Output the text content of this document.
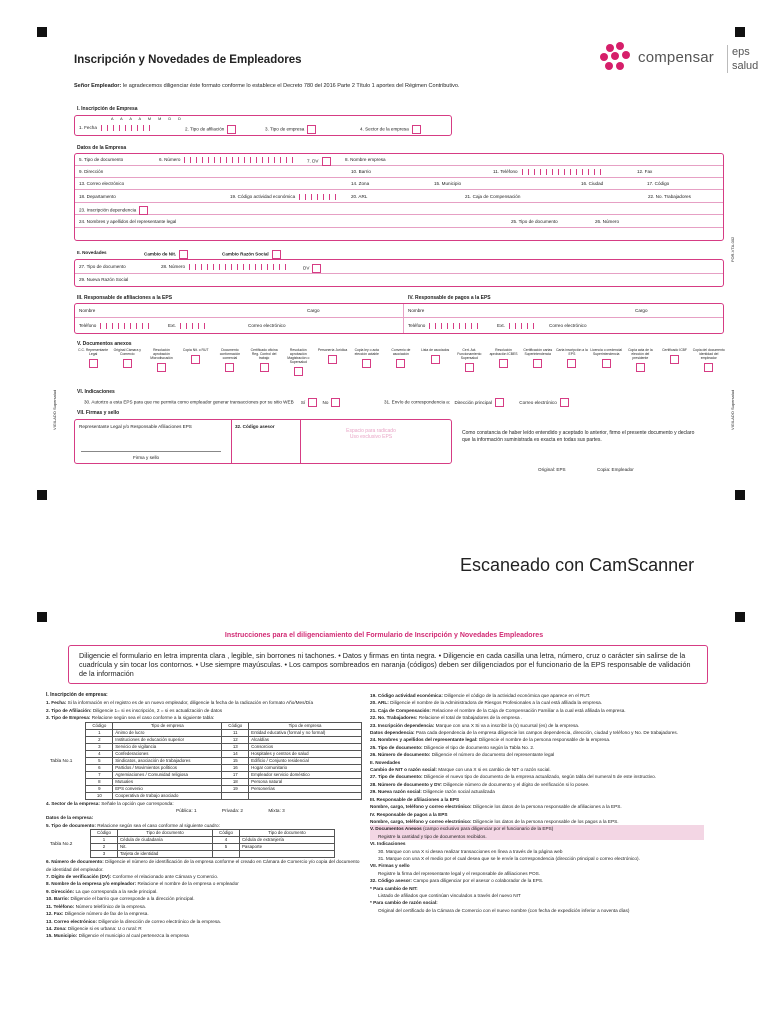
Inscripción y Novedades de Empleadores	compensar eps
salud
Señor Empleador: le agradecemos diligenciar éste formato conforme lo establece el Decreto 780 del 2016 Parte 2 Título 1 aportes del Régimen Contributivo.
I. Inscripción de Empresa
A A A A M M D D
1. Fecha	2. Tipo de afiliación	3. Tipo de empresa	4. Sector de la empresa
Datos de la Empresa
5. Tipo de documento	6. Número	7. DV	8. Nombre empresa
9. Dirección	10. Barrio	11. Teléfono	12. Fax
13. Correo electrónico	14. Zona	15. Municipio	16. Ciudad	17. Código
18. Departamento	19. Código actividad económica	20. ARL	21. Caja de Compensación	22. No. Trabajadores
23. Inscripción dependencia
24. Nombres y apellidos del representante legal	25. Tipo de documento	26. Número
II. Novedades	Cambio de Nit.	Cambio Razón Social
27. Tipo de documento	28. Número	DV
29. Nueva Razón Social
III. Responsable de afiliaciones a la EPS	IV. Responsable de pagos a la EPS
Nombre	Cargo
Teléfono	Ext.	Correo electrónico
Nombre	Cargo
Teléfono	Ext.	Correo electrónico
V. Documentos anexos
C.C. Representante Legal
Original Cámara y Comercio
Resolución aprobación Microdiscusión
Copia Nit. o RUT	Documento conformación comercial
Certificado oficina Reg. Control del trabajo
Resolución aprobación Magistración o Supersalud
Personería Jurídica	Copia ley o acta elección actable
Convenio de asociación
Lista de asociados	Cert. Act. Funcionamiento Supersalud
Resolución aprobación ICBES
Certificación cartas Superintendencia
Carta inscripción a la EPS
Licencia o credencial Superintendencia
Copia acta de la elección del presidente
Certificado ICBF	Copia del documento identidad del empleador
VI. Indicaciones
30. Autorizo a esta EPS para que me permita como empleador generar transacciones por su sitio WEB Sí	No	31. Envío de correspondencia a: Dirección principal	Correo electrónico
VII. Firmas y sello
Representante Legal y/o Responsable Afiliaciones EPS	32. Código asesor
Firma y sello
Espacio para radicado
Uso exclusivo EPS
Como constancia de haber leído entendido y aceptado lo anterior, firmo el presente documento y declaro que la información suministrada es exacta en todas sus partes.
Original: EPS	Copia: Empleador
FOR-VTA-002
VIGILADO Supersalud	VIGILADO Supersalud
Escaneado con CamScanner
Instrucciones para el diligenciamiento del Formulario de Inscripción y Novedades Empleadores
Diligencie el formulario en letra imprenta clara , legible, sin borrones ni tachones. • Datos y firmas en tinta negra. • Diligencie en cada casilla una letra, número, cruz o carácter sin salirse de la cuadrícula y sin tocar los contornos. • Use siempre mayúsculas. • Los campos sombreados en naranja (códigos) deben ser diligenciados por el funcionario de la EPS responsable de validación de la información

I. Inscripción de empresa:

1. Fecha: Si la información en el registro es de un nuevo empleador, diligencie la fecha de la radicación en formato Año/Mes/Día

2. Tipo de Afiliación: Diligencie 1= si es inscripción, 2 = si es actualización de datos

3. Tipo de Empresa: Relacione según sea el caso conforme a la siguiente tabla:

Tabla No.1
Código	Tipo de empresa	Código	Tipo de empresa
1	Ánimo de lucro	11	Entidad educativa (formal y no formal)
2	Instituciones de educación superior	12	Alcaldías
3	Servicio de vigilancia	13	Consorcios
4	Confederaciones	14	Hospitales y centros de salud
5	Sindicatos, asociación de trabajadores	15	Edificio / Conjunto residencial
6	Partidos / Movimientos políticos	16	Hogar comunitario
7	Agremiaciones / Comunidad religiosa	17	Empleador servicio doméstico
8	Mutuales	18	Persona natural
9	EPS convenio	19	Personerías
10	Cooperativa de trabajo asociado		

4. Sector de la empresa: Señale la opción que corresponda:

Pública: 1	Privada: 2	Mixta: 3

Datos de la empresa:

5. Tipo de documento: Relacione según sea el caso conforme al siguiente cuadro:

Tabla No.2
Código	Tipo de documento	Código	Tipo de documento
1	Cédula de ciudadanía	4	Cédula de extranjería
2	Nit.	5	Pasaporte
3	Tarjeta de identidad		

6. Número de documento: Diligencie el número de identificación de la empresa conforme el creado en Cámara de Comercio y/o copia del documento de identidad del empleador.

7. Digito de verificación (DV): Conforme el relacionado ante Cámara y Comercio.

8. Nombre de la empresa y/o empleador: Relacione el nombre de la empresa o empleador

9. Dirección: La que corresponda a la sede principal.

10. Barrio: Diligencie el barrio que corresponde a la dirección principal.

11. Teléfono: Número telefónico de la empresa.

12. Fax: Diligencie número de fax de la empresa.

13. Correo electrónico: Diligencie la dirección de correo electrónico de la empresa.

14. Zona: Diligencie si es urbana: U o rural: R

15. Municipio: Diligencie el municipio al cual pertenezca la empresa

19. Código actividad económica: Diligencie el código de la actividad económica que aparece en el RUT.

20. ARL: Diligencie el nombre de la Administradora de Riesgos Profesionales a la cual está afiliada la empresa.

21. Caja de Compensación: Relacione el nombre de la Caja de Compensación Familiar a la cual está afiliada la empresa.

22. No. Trabajadores: Relacione el total de trabajadores de la empresa .

23. Inscripción dependencia: Marque con una X Si va a inscribir la (s) sucursal (es) de la empresa.

Datos dependencia: Para cada dependencia de la empresa diligencie los campos dependencia, dirección, ciudad y teléfono y No. De trabajadores.

24. Nombres y apellidos del representante legal: Diligencie el nombre de la persona responsable de la empresa.

25. Tipo de documento: Diligencie el tipo de documento según la Tabla No. 2.

26. Número de documento: Diligencie el número de documento del representante legal

II. Novedades

Cambio de NIT o razón social: Marque con una X si es cambio de NIT o razón social.

27. Tipo de documento: Diligencie el nuevo tipo de documento de la empresa actualizado, según tabla del numeral 5 de este instructivo.

28. Número de documento y DV: Diligencie número de documento y el dígito de verificación si lo posee.

29. Nueva razón social: Diligencie razón social actualizada

III. Responsable de afiliaciones a la EPS

Nombre, cargo, teléfono y correo electrónico: Diligencie los datos de la persona responsable de afiliaciones a la EPS.

IV. Responsable de pagos a la EPS

Nombre, cargo, teléfono y correo electrónico: Diligencie los datos de la persona responsable de los pagos a la EPS.

V. Documentos Anexos (campo exclusivo para diligenciar por el funcionario de la EPS)

Registre la cantidad y tipo de documentos recibidos.

VI. Indicaciones

30. Marque con una X si desea realizar transacciones en línea a través de la página web

31. Marque con una X el medio por el cual desea que se le envíe la correspondencia (dirección principal o correo electrónico).

VII. Firmas y sello

Registre la firma del representante legal y el responsable de afiliaciones POS.

32. Código asesor: Campo para diligenciar por el asesor o colaborador de la EPS.

* Para cambio de NIT:

Listado de afiliados que continúan vinculados a través del nuevo NIT

* Para cambio de razón social:

Original del certificado de la Cámara de Comercio con el nuevo nombre (con fecha de expedición inferior a noventa días)
